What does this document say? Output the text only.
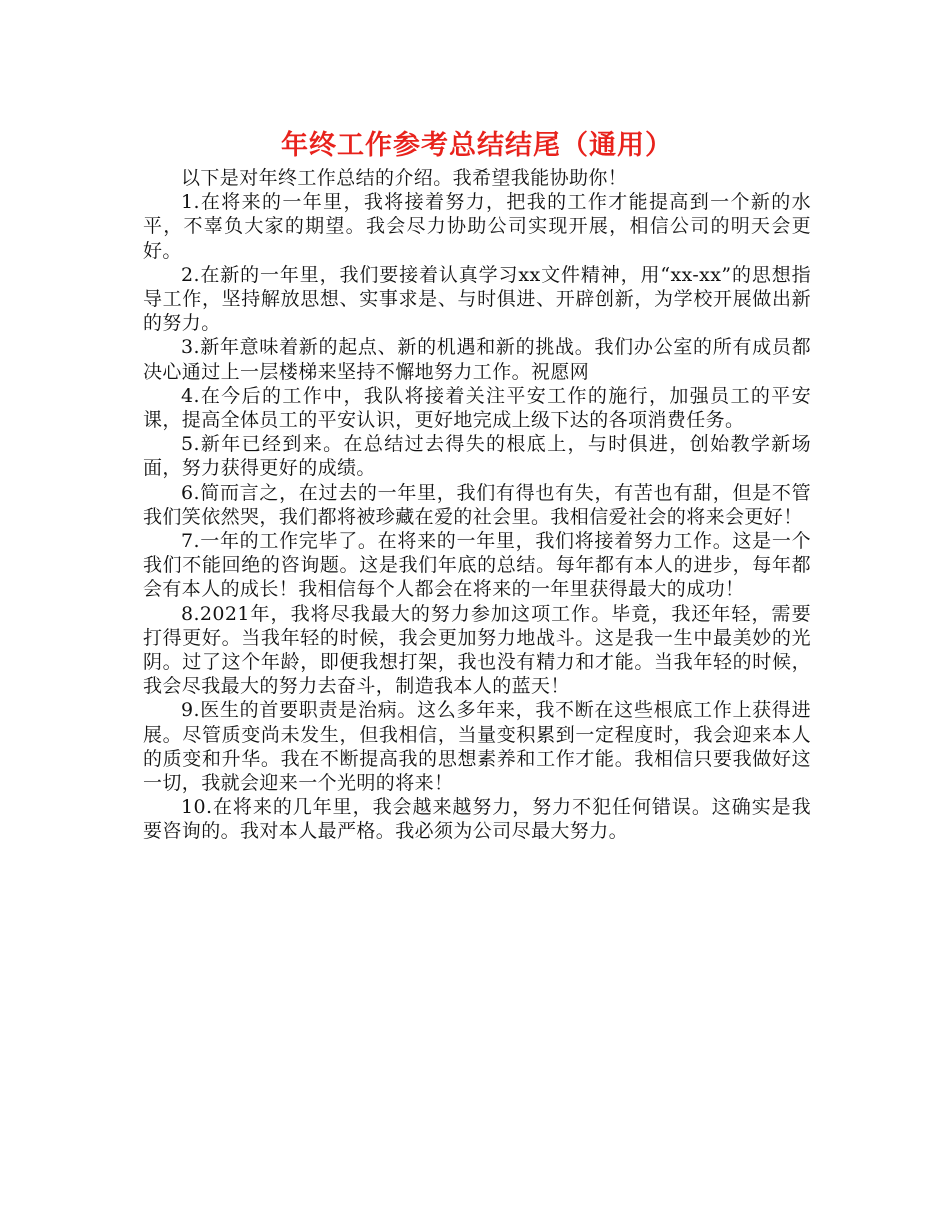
年终工作参考总结结尾（通用）

以下是对年终工作总结的介绍。我希望我能协助你！

1.在将来的一年里，我将接着努力，把我的工作才能提高到一个新的水平，不辜负大家的期望。我会尽力协助公司实现开展，相信公司的明天会更好。

2.在新的一年里，我们要接着认真学习xx文件精神，用“xx-xx”的思想指导工作，坚持解放思想、实事求是、与时俱进、开辟创新，为学校开展做出新的努力。

3.新年意味着新的起点、新的机遇和新的挑战。我们办公室的所有成员都决心通过上一层楼梯来坚持不懈地努力工作。祝愿网

4.在今后的工作中，我队将接着关注平安工作的施行，加强员工的平安课，提高全体员工的平安认识，更好地完成上级下达的各项消费任务。

5.新年已经到来。在总结过去得失的根底上，与时俱进，创始教学新场面，努力获得更好的成绩。

6.简而言之，在过去的一年里，我们有得也有失，有苦也有甜，但是不管我们笑依然哭，我们都将被珍藏在爱的社会里。我相信爱社会的将来会更好！

7.一年的工作完毕了。在将来的一年里，我们将接着努力工作。这是一个我们不能回绝的咨询题。这是我们年底的总结。每年都有本人的进步，每年都会有本人的成长！我相信每个人都会在将来的一年里获得最大的成功！

8.2021年，我将尽我最大的努力参加这项工作。毕竟，我还年轻，需要打得更好。当我年轻的时候，我会更加努力地战斗。这是我一生中最美妙的光阴。过了这个年龄，即便我想打架，我也没有精力和才能。当我年轻的时候，我会尽我最大的努力去奋斗，制造我本人的蓝天！

9.医生的首要职责是治病。这么多年来，我不断在这些根底工作上获得进展。尽管质变尚未发生，但我相信，当量变积累到一定程度时，我会迎来本人的质变和升华。我在不断提高我的思想素养和工作才能。我相信只要我做好这一切，我就会迎来一个光明的将来！

10.在将来的几年里，我会越来越努力，努力不犯任何错误。这确实是我要咨询的。我对本人最严格。我必须为公司尽最大努力。
